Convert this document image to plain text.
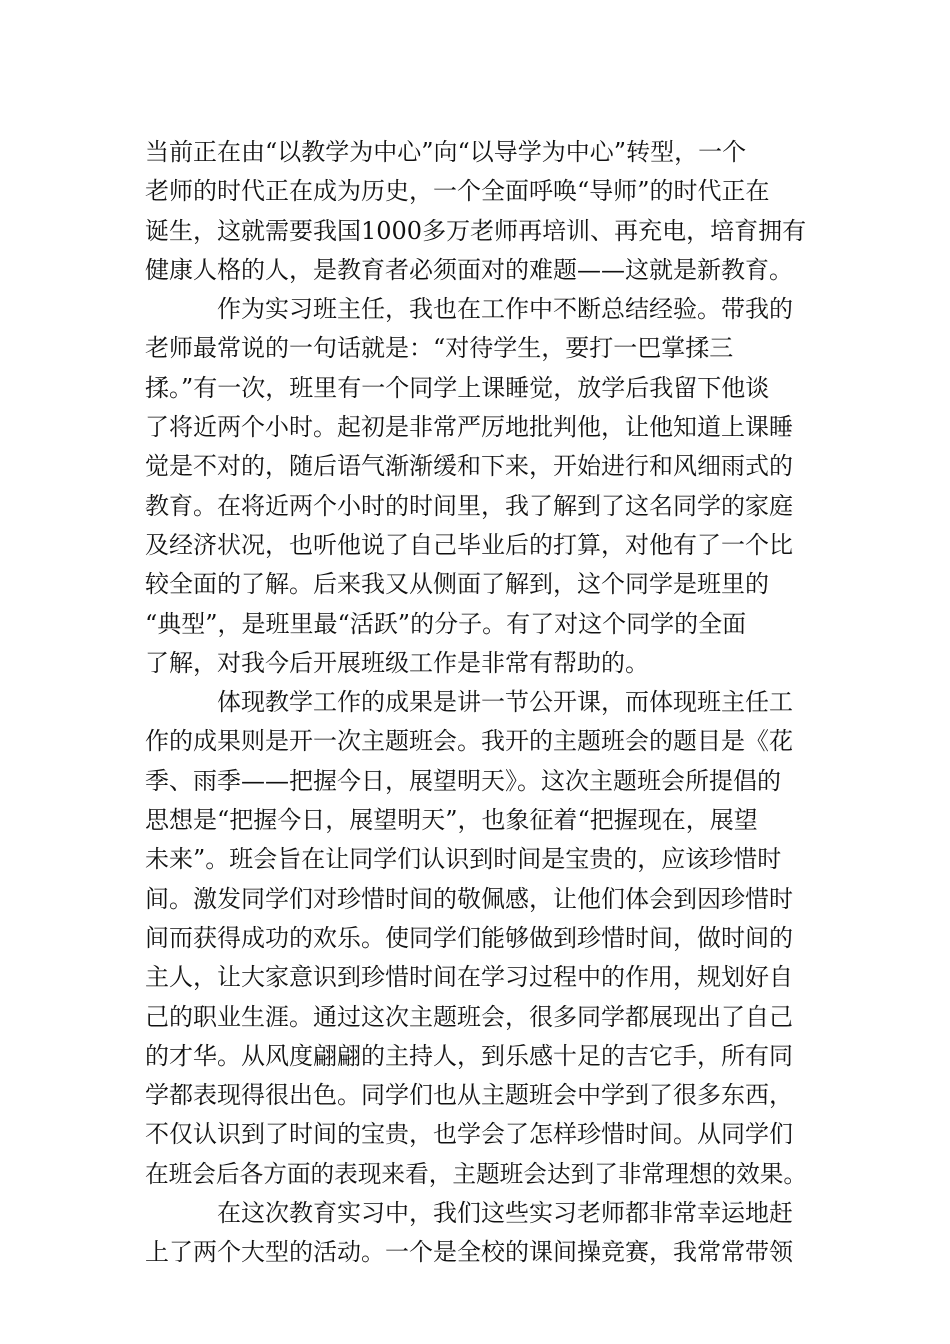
当前正在由“以教学为中心”向“以导学为中心”转型，一个
老师的时代正在成为历史，一个全面呼唤“导师”的时代正在
诞生，这就需要我国1000多万老师再培训、再充电，培育拥有
健康人格的人，是教育者必须面对的难题——这就是新教育。
作为实习班主任，我也在工作中不断总结经验。带我的
老师最常说的一句话就是：“对待学生，要打一巴掌揉三
揉。”有一次，班里有一个同学上课睡觉，放学后我留下他谈
了将近两个小时。起初是非常严厉地批判他，让他知道上课睡
觉是不对的，随后语气渐渐缓和下来，开始进行和风细雨式的
教育。在将近两个小时的时间里，我了解到了这名同学的家庭
及经济状况，也听他说了自己毕业后的打算，对他有了一个比
较全面的了解。后来我又从侧面了解到，这个同学是班里的
“典型”，是班里最“活跃”的分子。有了对这个同学的全面
了解，对我今后开展班级工作是非常有帮助的。
体现教学工作的成果是讲一节公开课，而体现班主任工
作的成果则是开一次主题班会。我开的主题班会的题目是《花
季、雨季——把握今日，展望明天》。这次主题班会所提倡的
思想是“把握今日，展望明天”，也象征着“把握现在，展望
未来”。班会旨在让同学们认识到时间是宝贵的，应该珍惜时
间。激发同学们对珍惜时间的敬佩感，让他们体会到因珍惜时
间而获得成功的欢乐。使同学们能够做到珍惜时间，做时间的
主人，让大家意识到珍惜时间在学习过程中的作用，规划好自
己的职业生涯。通过这次主题班会，很多同学都展现出了自己
的才华。从风度翩翩的主持人，到乐感十足的吉它手，所有同
学都表现得很出色。同学们也从主题班会中学到了很多东西，
不仅认识到了时间的宝贵，也学会了怎样珍惜时间。从同学们
在班会后各方面的表现来看，主题班会达到了非常理想的效果。
在这次教育实习中，我们这些实习老师都非常幸运地赶
上了两个大型的活动。一个是全校的课间操竞赛，我常常带领
